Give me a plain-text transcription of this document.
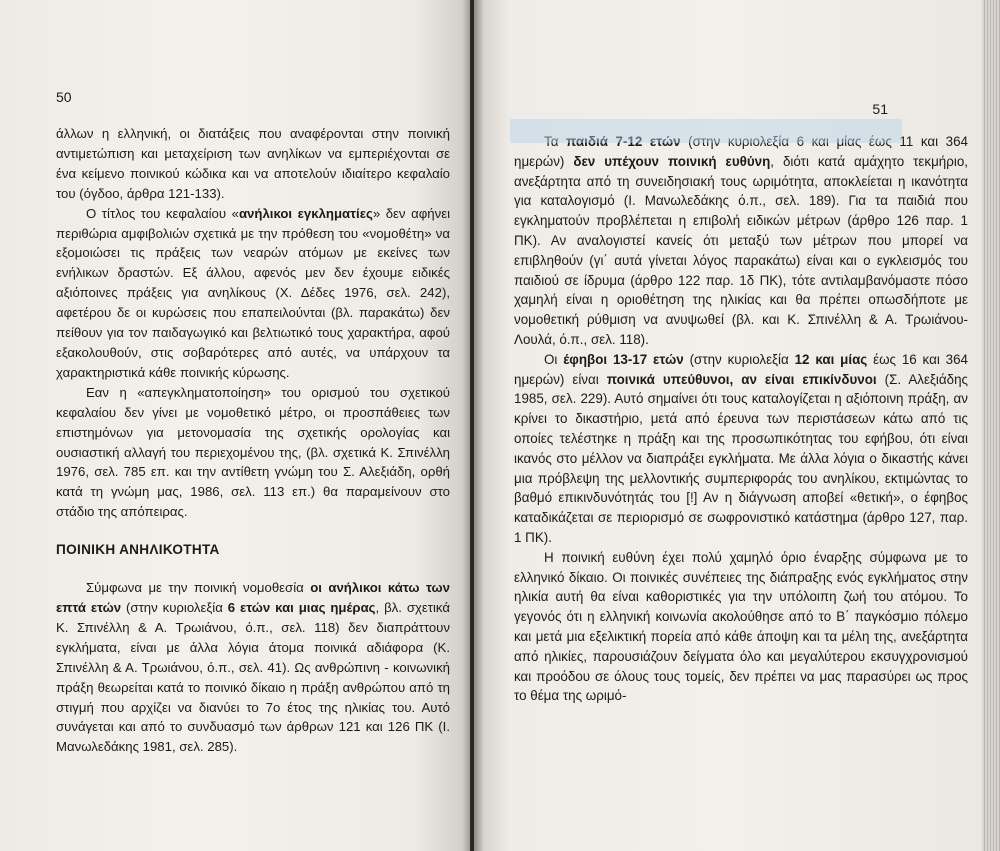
50

άλλων η ελληνική, οι διατάξεις που αναφέρονται στην ποινική αντιμετώπιση και μεταχείριση των ανηλίκων να εμπεριέχονται σε ένα κείμενο ποινικού κώδικα και να αποτελούν ιδιαίτερο κεφαλαίο του (όγδοο, άρθρα 121-133).

Ο τίτλος του κεφαλαίου «ανήλικοι εγκληματίες» δεν αφήνει περιθώρια αμφιβολιών σχετικά με την πρόθεση του «νομοθέτη» να εξομοιώσει τις πράξεις των νεαρών ατόμων με εκείνες των ενήλικων δραστών. Εξ άλλου, αφενός μεν δεν έχουμε ειδικές αξιόποινες πράξεις για ανηλίκους (Χ. Δέδες 1976, σελ. 242), αφετέρου δε οι κυρώσεις που επαπειλούνται (βλ. παρακάτω) δεν πείθουν για τον παιδαγωγικό και βελτιωτικό τους χαρακτήρα, αφού εξακολουθούν, στις σοβαρότερες από αυτές, να υπάρχουν τα χαρακτηριστικά κάθε ποινικής κύρωσης.

Εαν η «απεγκληματοποίηση» του ορισμού του σχετικού κεφαλαίου δεν γίνει με νομοθετικό μέτρο, οι προσπάθειες των επιστημόνων για μετονομασία της σχετικής ορολογίας και ουσιαστική αλλαγή του περιεχομένου της, (βλ. σχετικά Κ. Σπινέλλη 1976, σελ. 785 επ. και την αντίθετη γνώμη του Σ. Αλεξιάδη, ορθή κατά τη γνώμη μας, 1986, σελ. 113 επ.) θα παραμείνουν στο στάδιο της απόπειρας.

ΠΟΙΝΙΚΗ ΑΝΗΛΙΚΟΤΗΤΑ

Σύμφωνα με την ποινική νομοθεσία οι ανήλικοι κάτω των επτά ετών (στην κυριολεξία 6 ετών και μιας ημέρας, βλ. σχετικά Κ. Σπινέλλη & Α. Τρωιάνου, ό.π., σελ. 118) δεν διαπράττουν εγκλήματα, είναι με άλλα λόγια άτομα ποινικά αδιάφορα (Κ. Σπινέλλη & Α. Τρωιάνου, ό.π., σελ. 41). Ως ανθρώπινη - κοινωνική πράξη θεωρείται κατά το ποινικό δίκαιο η πράξη ανθρώπου από τη στιγμή που αρχίζει να διανύει το 7ο έτος της ηλικίας του. Αυτό συνάγεται και από το συνδυασμό των άρθρων 121 και 126 ΠΚ (Ι. Μανωλεδάκης 1981, σελ. 285).

51

Τα παιδιά 7-12 ετών (στην κυριολεξία 6 και μίας έως 11 και 364 ημερών) δεν υπέχουν ποινική ευθύνη, διότι κατά αμάχητο τεκμήριο, ανεξάρτητα από τη συνειδησιακή τους ωριμότητα, αποκλείεται η ικανότητα για καταλογισμό (Ι. Μανωλεδάκης ό.π., σελ. 189). Για τα παιδιά που εγκληματούν προβλέπεται η επιβολή ειδικών μέτρων (άρθρο 126 παρ. 1 ΠΚ). Αν αναλογιστεί κανείς ότι μεταξύ των μέτρων που μπορεί να επιβληθούν (γι΄ αυτά γίνεται λόγος παρακάτω) είναι και ο εγκλεισμός του παιδιού σε ίδρυμα (άρθρο 122 παρ. 1δ ΠΚ), τότε αντιλαμβανόμαστε πόσο χαμηλή είναι η οριοθέτηση της ηλικίας και θα πρέπει οπωσδήποτε με νομοθετική ρύθμιση να ανυψωθεί (βλ. και Κ. Σπινέλλη & Α. Τρωιάνου-Λουλά, ό.π., σελ. 118).

Οι έφηβοι 13-17 ετών (στην κυριολεξία 12 και μίας έως 16 και 364 ημερών) είναι ποινικά υπεύθυνοι, αν είναι επικίνδυνοι (Σ. Αλεξιάδης 1985, σελ. 229). Αυτό σημαίνει ότι τους καταλογίζεται η αξιόποινη πράξη, αν κρίνει το δικαστήριο, μετά από έρευνα των περιστάσεων κάτω από τις οποίες τελέστηκε η πράξη και της προσωπικότητας του εφήβου, ότι είναι ικανός στο μέλλον να διαπράξει εγκλήματα. Με άλλα λόγια ο δικαστής κάνει μια πρόβλεψη της μελλοντικής συμπεριφοράς του ανηλίκου, εκτιμώντας το βαθμό επικινδυνότητάς του [!] Αν η διάγνωση αποβεί «θετική», ο έφηβος καταδικάζεται σε περιορισμό σε σωφρονιστικό κατάστημα (άρθρο 127, παρ. 1 ΠΚ).

Η ποινική ευθύνη έχει πολύ χαμηλό όριο έναρξης σύμφωνα με το ελληνικό δίκαιο. Οι ποινικές συνέπειες της διάπραξης ενός εγκλήματος στην ηλικία αυτή θα είναι καθοριστικές για την υπόλοιπη ζωή του ατόμου. Το γεγονός ότι η ελληνική κοινωνία ακολούθησε από το Β΄ παγκόσμιο πόλεμο και μετά μια εξελικτική πορεία από κάθε άποψη και τα μέλη της, ανεξάρτητα από ηλικίες, παρουσιάζουν δείγματα όλο και μεγαλύτερου εκσυγχρονισμού και προόδου σε όλους τους τομείς, δεν πρέπει να μας παρασύρει ως προς το θέμα της ωριμό-
